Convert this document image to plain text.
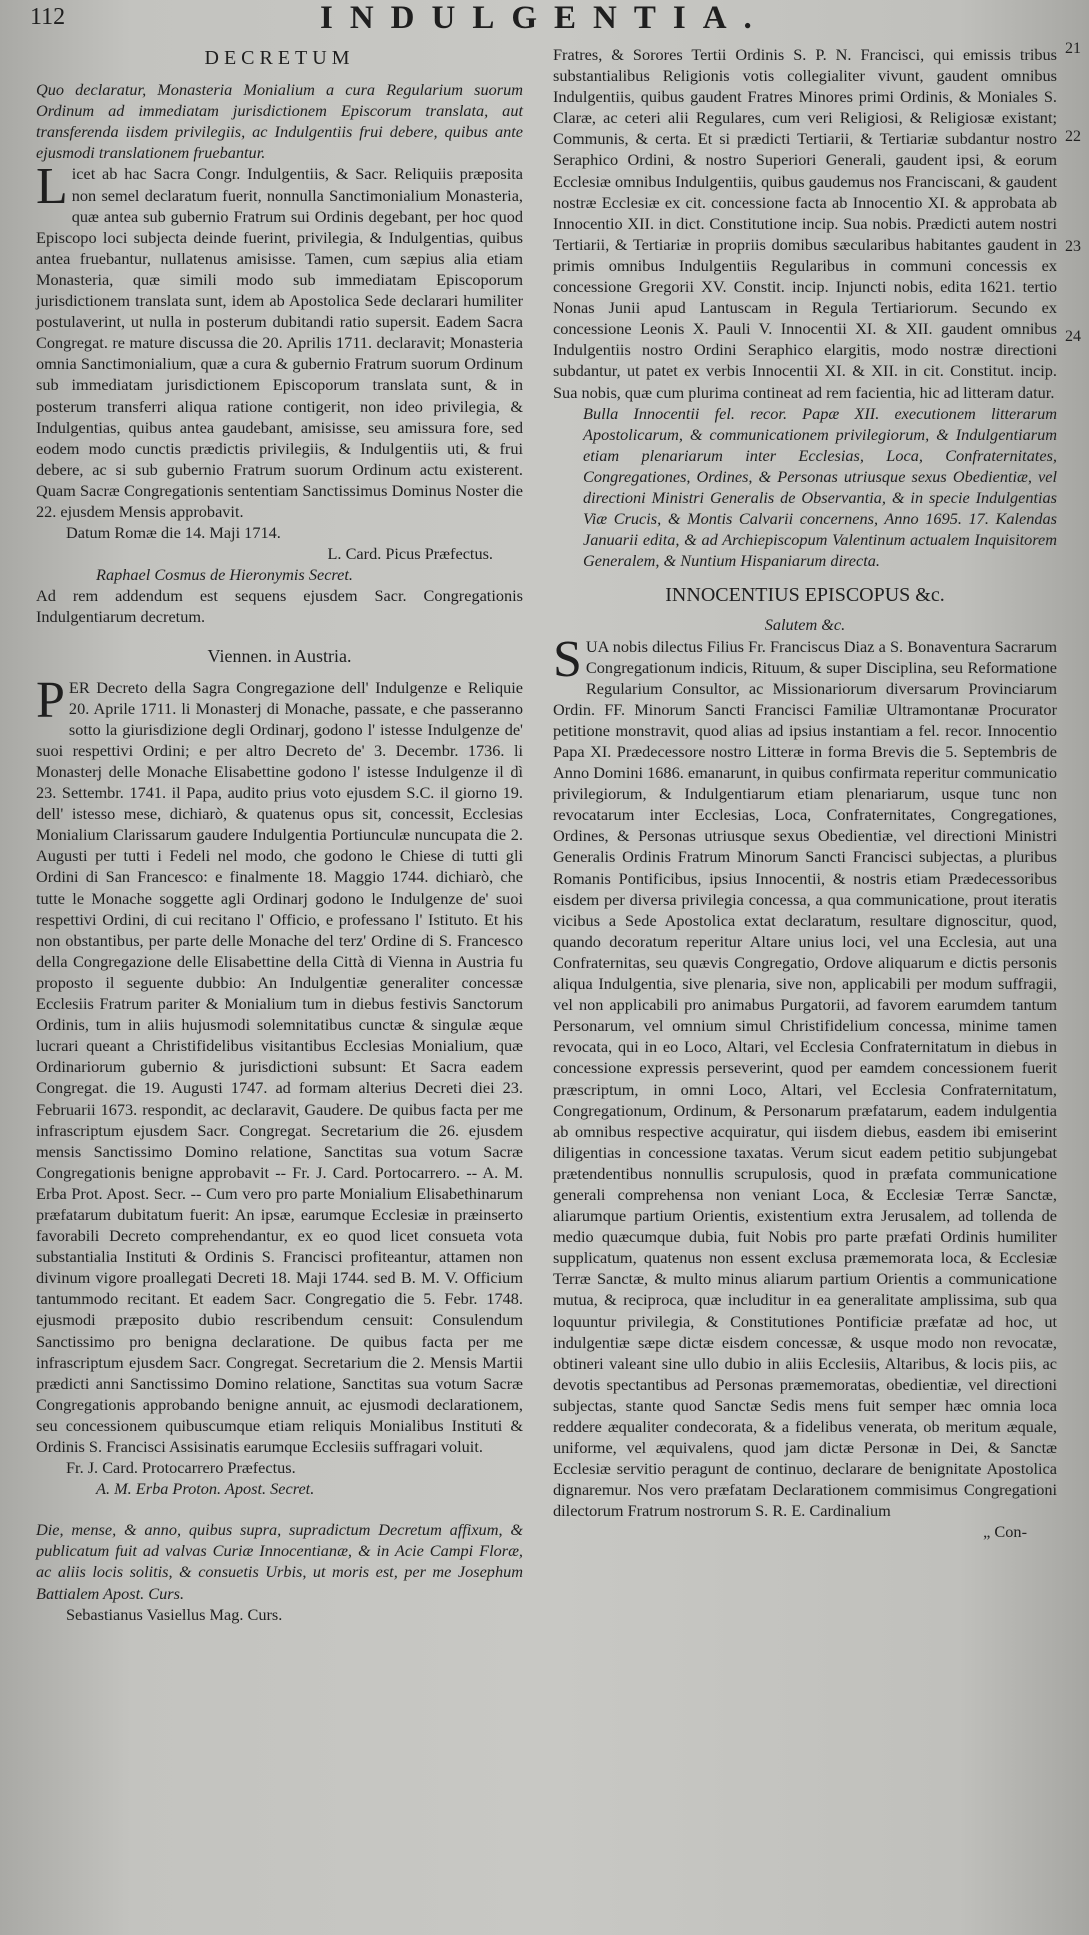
112	INDULGENTIA.
21
22
23
24
DECRETUM

Quo declaratur, Monasteria Monialium a cura Regularium suorum Ordinum ad immediatam jurisdictionem Episcorum translata, aut transferenda iisdem privilegiis, ac Indulgentiis frui debere, quibus ante ejusmodi translationem fruebantur.

Licet ab hac Sacra Congr. Indulgentiis, & Sacr. Reliquiis præposita non semel declaratum fuerit, nonnulla Sanctimonialium Monasteria, quæ antea sub gubernio Fratrum sui Ordinis degebant, per hoc quod Episcopo loci subjecta deinde fuerint, privilegia, & Indulgentias, quibus antea fruebantur, nullatenus amisisse. Tamen, cum sæpius alia etiam Monasteria, quæ simili modo sub immediatam Episcoporum jurisdictionem translata sunt, idem ab Apostolica Sede declarari humiliter postulaverint, ut nulla in posterum dubitandi ratio supersit. Eadem Sacra Congregat. re mature discussa die 20. Aprilis 1711. declaravit; Monasteria omnia Sanctimonialium, quæ a cura & gubernio Fratrum suorum Ordinum sub immediatam jurisdictionem Episcoporum translata sunt, & in posterum transferri aliqua ratione contigerit, non ideo privilegia, & Indulgentias, quibus antea gaudebant, amisisse, seu amissura fore, sed eodem modo cunctis prædictis privilegiis, & Indulgentiis uti, & frui debere, ac si sub gubernio Fratrum suorum Ordinum actu existerent. Quam Sacræ Congregationis sententiam Sanctissimus Dominus Noster die 22. ejusdem Mensis approbavit.

Datum Romæ die 14. Maji 1714.

L. Card. Picus Præfectus.

Raphael Cosmus de Hieronymis Secret.

Ad rem addendum est sequens ejusdem Sacr. Congregationis Indulgentiarum decretum.

Viennen. in Austria.

PER Decreto della Sagra Congregazione dell' Indulgenze e Reliquie 20. Aprile 1711. li Monasterj di Monache, passate, e che passeranno sotto la giurisdizione degli Ordinarj, godono l' istesse Indulgenze de' suoi respettivi Ordini; e per altro Decreto de' 3. Decembr. 1736. li Monasterj delle Monache Elisabettine godono l' istesse Indulgenze il dì 23. Settembr. 1741. il Papa, audito prius voto ejusdem S.C. il giorno 19. dell' istesso mese, dichiarò, & quatenus opus sit, concessit, Ecclesias Monialium Clarissarum gaudere Indulgentia Portiunculæ nuncupata die 2. Augusti per tutti i Fedeli nel modo, che godono le Chiese di tutti gli Ordini di San Francesco: e finalmente 18. Maggio 1744. dichiarò, che tutte le Monache soggette agli Ordinarj godono le Indulgenze de' suoi respettivi Ordini, di cui recitano l' Officio, e professano l' Istituto. Et his non obstantibus, per parte delle Monache del terz' Ordine di S. Francesco della Congregazione delle Elisabettine della Città di Vienna in Austria fu proposto il seguente dubbio: An Indulgentiæ generaliter concessæ Ecclesiis Fratrum pariter & Monialium tum in diebus festivis Sanctorum Ordinis, tum in aliis hujusmodi solemnitatibus cunctæ & singulæ æque lucrari queant a Christifidelibus visitantibus Ecclesias Monialium, quæ Ordinariorum gubernio & jurisdictioni subsunt: Et Sacra eadem Congregat. die 19. Augusti 1747. ad formam alterius Decreti diei 23. Februarii 1673. respondit, ac declaravit, Gaudere. De quibus facta per me infrascriptum ejusdem Sacr. Congregat. Secretarium die 26. ejusdem mensis Sanctissimo Domino relatione, Sanctitas sua votum Sacræ Congregationis benigne approbavit -- Fr. J. Card. Portocarrero. -- A. M. Erba Prot. Apost. Secr. -- Cum vero pro parte Monialium Elisabethinarum præfatarum dubitatum fuerit: An ipsæ, earumque Ecclesiæ in præinserto favorabili Decreto comprehendantur, ex eo quod licet consueta vota substantialia Instituti & Ordinis S. Francisci profiteantur, attamen non divinum vigore proallegati Decreti 18. Maji 1744. sed B. M. V. Officium tantummodo recitant. Et eadem Sacr. Congregatio die 5. Febr. 1748. ejusmodi præposito dubio rescribendum censuit: Consulendum Sanctissimo pro benigna declaratione. De quibus facta per me infrascriptum ejusdem Sacr. Congregat. Secretarium die 2. Mensis Martii prædicti anni Sanctissimo Domino relatione, Sanctitas sua votum Sacræ Congregationis approbando benigne annuit, ac ejusmodi declarationem, seu concessionem quibuscumque etiam reliquis Monialibus Instituti & Ordinis S. Francisci Assisinatis earumque Ecclesiis suffragari voluit.

Fr. J. Card. Protocarrero Præfectus.

A. M. Erba Proton. Apost. Secret.

Die, mense, & anno, quibus supra, supradictum Decretum affixum, & publicatum fuit ad valvas Curiæ Innocentianæ, & in Acie Campi Floræ, ac aliis locis solitis, & consuetis Urbis, ut moris est, per me Josephum Battialem Apost. Curs.

Sebastianus Vasiellus Mag. Curs.

Fratres, & Sorores Tertii Ordinis S. P. N. Francisci, qui emissis tribus substantialibus Religionis votis collegialiter vivunt, gaudent omnibus Indulgentiis, quibus gaudent Fratres Minores primi Ordinis, & Moniales S. Claræ, ac ceteri alii Regulares, cum veri Religiosi, & Religiosæ existant; Communis, & certa. Et si prædicti Tertiarii, & Tertiariæ subdantur nostro Seraphico Ordini, & nostro Superiori Generali, gaudent ipsi, & eorum Ecclesiæ omnibus Indulgentiis, quibus gaudemus nos Franciscani, & gaudent nostræ Ecclesiæ ex cit. concessione facta ab Innocentio XI. & approbata ab Innocentio XII. in dict. Constitutione incip. Sua nobis. Prædicti autem nostri Tertiarii, & Tertiariæ in propriis domibus sæcularibus habitantes gaudent in primis omnibus Indulgentiis Regularibus in communi concessis ex concessione Gregorii XV. Constit. incip. Injuncti nobis, edita 1621. tertio Nonas Junii apud Lantuscam in Regula Tertiariorum. Secundo ex concessione Leonis X. Pauli V. Innocentii XI. & XII. gaudent omnibus Indulgentiis nostro Ordini Seraphico elargitis, modo nostræ directioni subdantur, ut patet ex verbis Innocentii XI. & XII. in cit. Constitut. incip. Sua nobis, quæ cum plurima contineat ad rem facientia, hic ad litteram datur.

Bulla Innocentii fel. recor. Papæ XII. executionem litterarum Apostolicarum, & communicationem privilegiorum, & Indulgentiarum etiam plenariarum inter Ecclesias, Loca, Confraternitates, Congregationes, Ordines, & Personas utriusque sexus Obedientiæ, vel directioni Ministri Generalis de Observantia, & in specie Indulgentias Viæ Crucis, & Montis Calvarii concernens, Anno 1695. 17. Kalendas Januarii edita, & ad Archiepiscopum Valentinum actualem Inquisitorem Generalem, & Nuntium Hispaniarum directa.

INNOCENTIUS EPISCOPUS &c.

Salutem &c.

SUA nobis dilectus Filius Fr. Franciscus Diaz a S. Bonaventura Sacrarum Congregationum indicis, Rituum, & super Disciplina, seu Reformatione Regularium Consultor, ac Missionariorum diversarum Provinciarum Ordin. FF. Minorum Sancti Francisci Familiæ Ultramontanæ Procurator petitione monstravit, quod alias ad ipsius instantiam a fel. recor. Innocentio Papa XI. Prædecessore nostro Litteræ in forma Brevis die 5. Septembris de Anno Domini 1686. emanarunt, in quibus confirmata reperitur communicatio privilegiorum, & Indulgentiarum etiam plenariarum, usque tunc non revocatarum inter Ecclesias, Loca, Confraternitates, Congregationes, Ordines, & Personas utriusque sexus Obedientiæ, vel directioni Ministri Generalis Ordinis Fratrum Minorum Sancti Francisci subjectas, a pluribus Romanis Pontificibus, ipsius Innocentii, & nostris etiam Prædecessoribus eisdem per diversa privilegia concessa, a qua communicatione, prout iteratis vicibus a Sede Apostolica extat declaratum, resultare dignoscitur, quod, quando decoratum reperitur Altare unius loci, vel una Ecclesia, aut una Confraternitas, seu quævis Congregatio, Ordove aliquarum e dictis personis aliqua Indulgentia, sive plenaria, sive non, applicabili per modum suffragii, vel non applicabili pro animabus Purgatorii, ad favorem earumdem tantum Personarum, vel omnium simul Christifidelium concessa, minime tamen revocata, qui in eo Loco, Altari, vel Ecclesia Confraternitatum in diebus in concessione expressis perseverint, quod per eamdem concessionem fuerit præscriptum, in omni Loco, Altari, vel Ecclesia Confraternitatum, Congregationum, Ordinum, & Personarum præfatarum, eadem indulgentia ab omnibus respective acquiratur, qui iisdem diebus, easdem ibi emiserint diligentias in concessione taxatas. Verum sicut eadem petitio subjungebat prætendentibus nonnullis scrupulosis, quod in præfata communicatione generali comprehensa non veniant Loca, & Ecclesiæ Terræ Sanctæ, aliarumque partium Orientis, existentium extra Jerusalem, ad tollenda de medio quæcumque dubia, fuit Nobis pro parte præfati Ordinis humiliter supplicatum, quatenus non essent exclusa præmemorata loca, & Ecclesiæ Terræ Sanctæ, & multo minus aliarum partium Orientis a communicatione mutua, & reciproca, quæ includitur in ea generalitate amplissima, sub qua loquuntur privilegia, & Constitutiones Pontificiæ præfatæ ad hoc, ut indulgentiæ sæpe dictæ eisdem concessæ, & usque modo non revocatæ, obtineri valeant sine ullo dubio in aliis Ecclesiis, Altaribus, & locis piis, ac devotis spectantibus ad Personas præmemoratas, obedientiæ, vel directioni subjectas, stante quod Sanctæ Sedis mens fuit semper hæc omnia loca reddere æqualiter condecorata, & a fidelibus venerata, ob meritum æquale, uniforme, vel æquivalens, quod jam dictæ Personæ in Dei, & Sanctæ Ecclesiæ servitio peragunt de continuo, declarare de benignitate Apostolica dignaremur. Nos vero præfatam Declarationem commisimus Congregationi dilectorum Fratrum nostrorum S. R. E. Cardinalium

„ Con-
